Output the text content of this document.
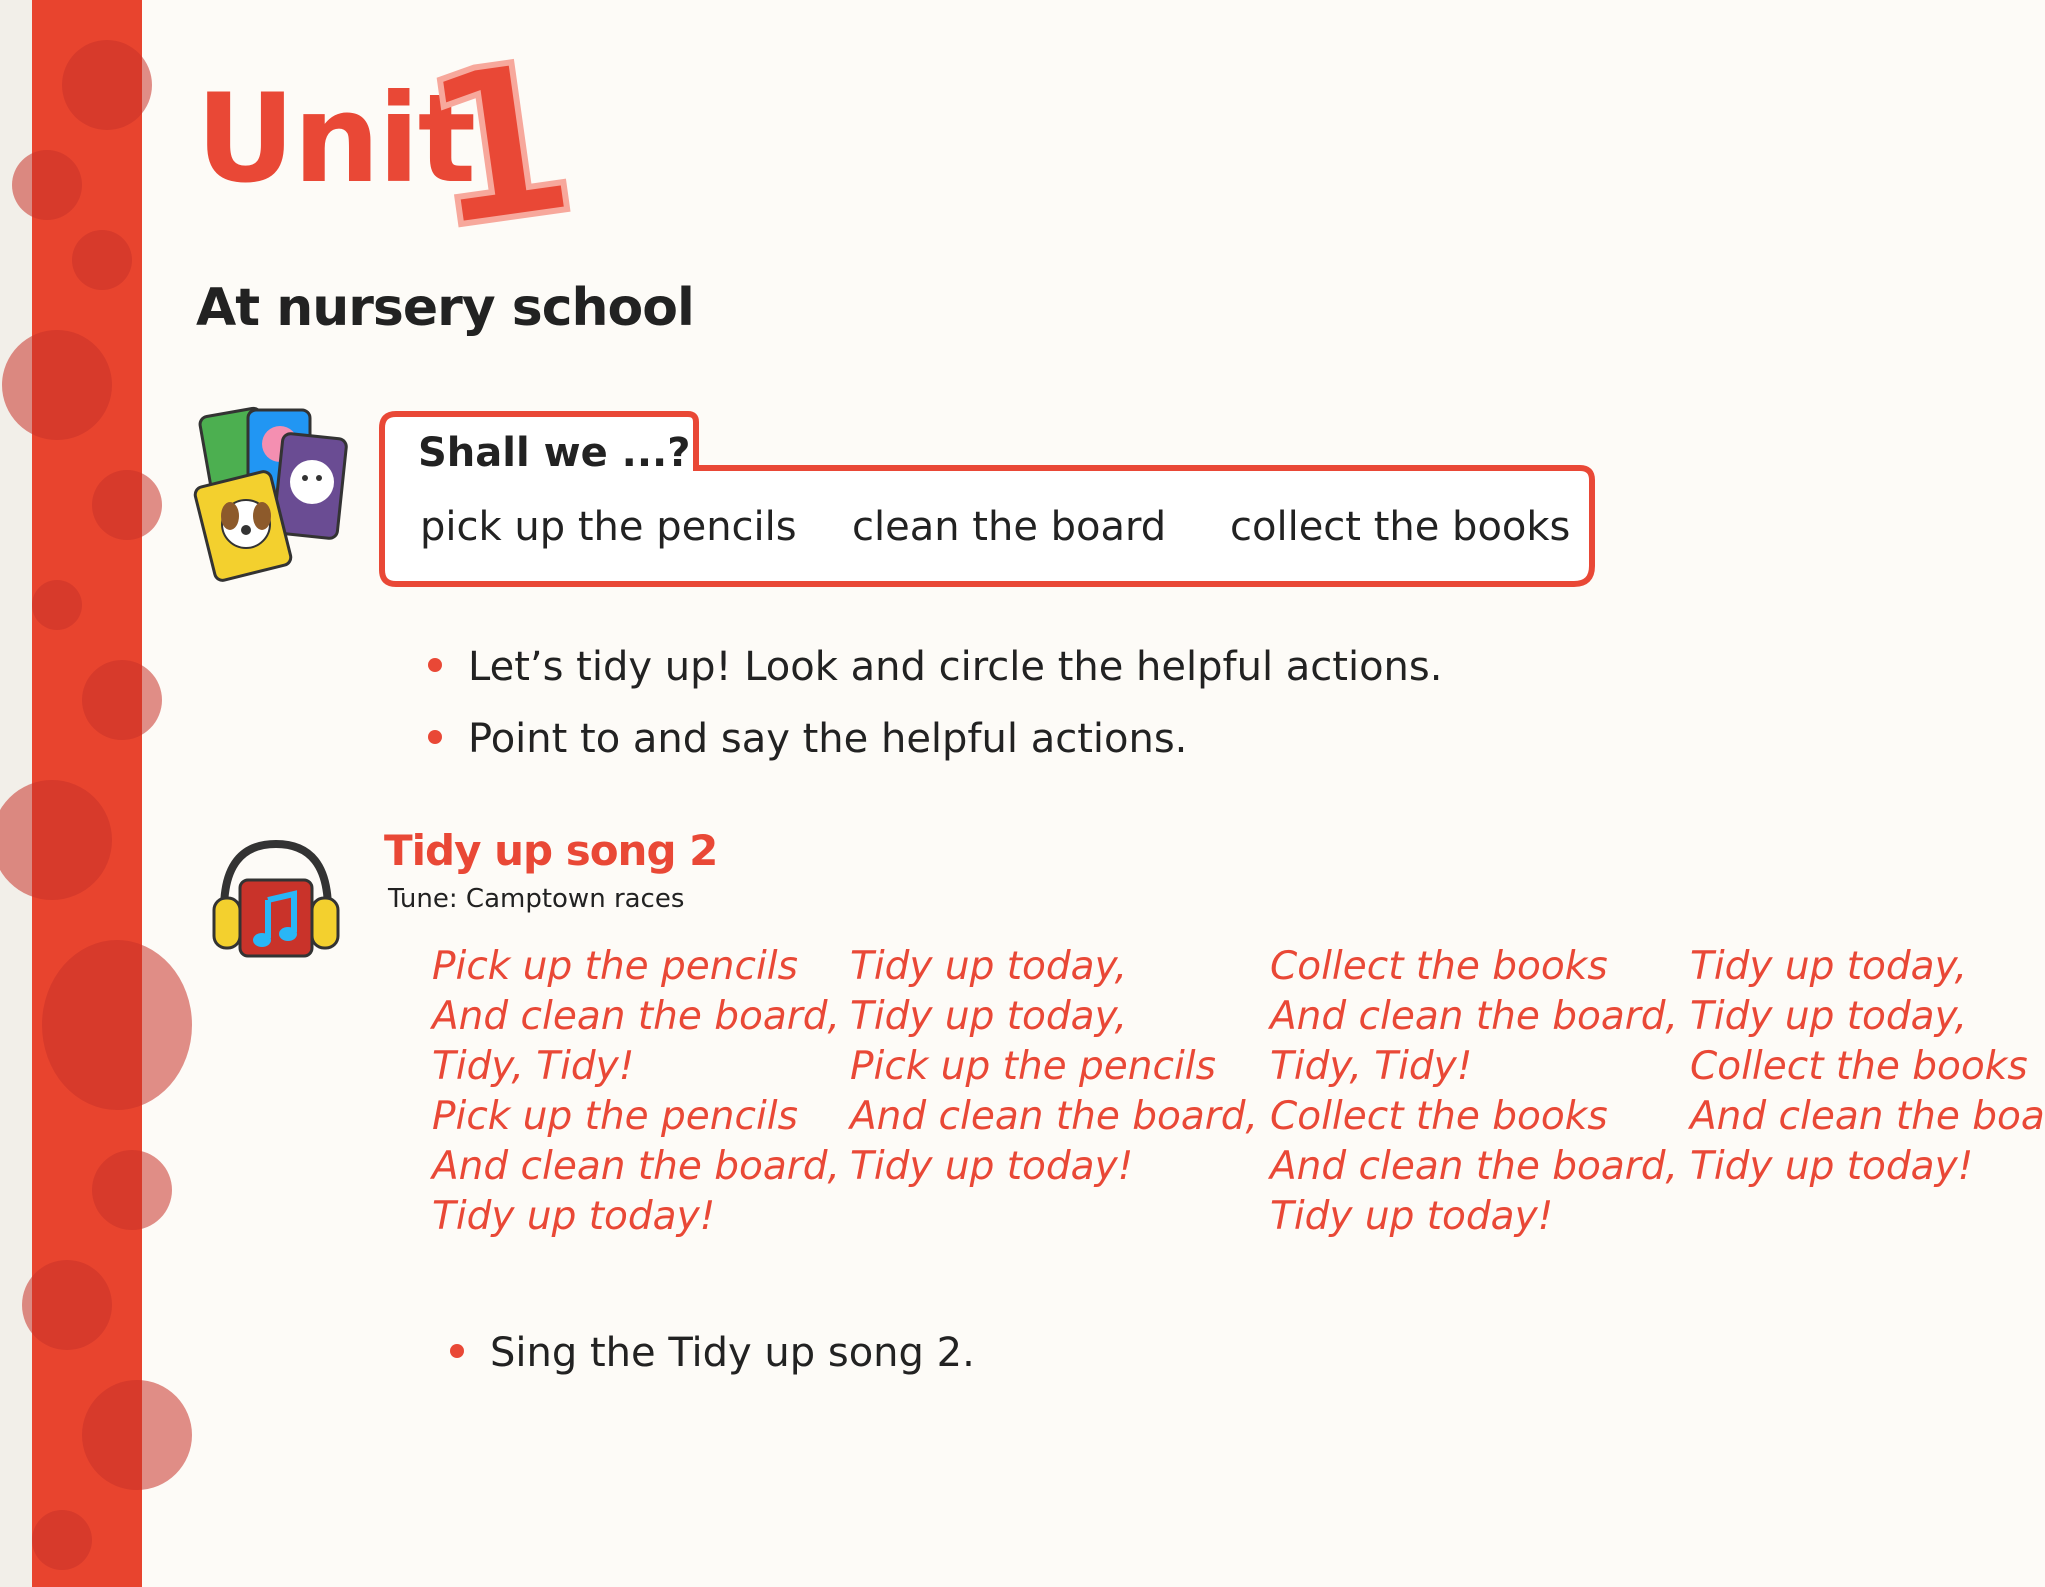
Unit
1
At nursery school
Shall we ...?
pick up the pencils clean the board collect the books
Let’s tidy up! Look and circle the helpful actions.
Point to and say the helpful actions.
Tidy up song 2
Tune: Camptown races
Pick up the pencils
And clean the board,
Tidy, Tidy!
Pick up the pencils
And clean the board,
Tidy up today!
Tidy up today,
Tidy up today,
Pick up the pencils
And clean the board,
Tidy up today!
Collect the books
And clean the board,
Tidy, Tidy!
Collect the books
And clean the board,
Tidy up today!
Tidy up today,
Tidy up today,
Collect the books
And clean the boa
Tidy up today!
Sing the Tidy up song 2.
